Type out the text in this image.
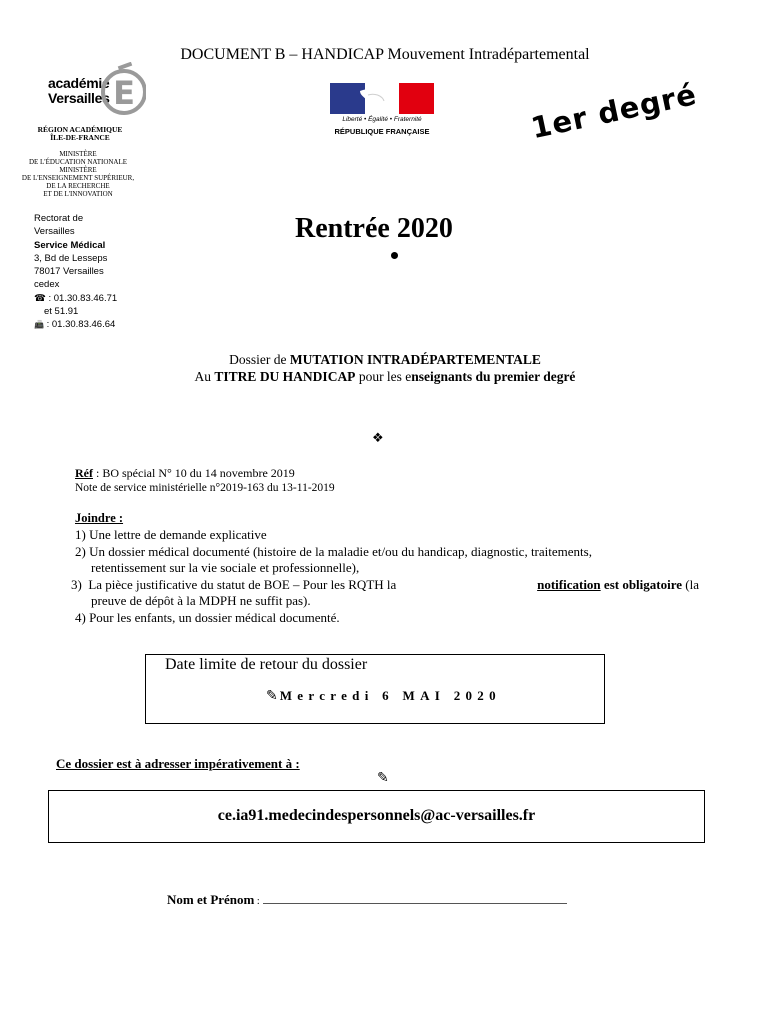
DOCUMENT B – HANDICAP Mouvement Intradépartemental
académie
Versailles E
RÉGION ACADÉMIQUE
ÎLE-DE-FRANCE
MINISTÈRE
DE L'ÉDUCATION NATIONALE
MINISTÈRE
DE L'ENSEIGNEMENT SUPÉRIEUR,
DE LA RECHERCHE
ET DE L'INNOVATION
Liberté • Égalité • Fraternité
RÉPUBLIQUE FRANÇAISE	1er degré
Rectorat de
Versailles
Service Médical
3, Bd de Lesseps
78017 Versailles
cedex
☎ : 01.30.83.46.71
et 51.91
📠 : 01.30.83.46.64
Rentrée 2020
Dossier de MUTATION INTRADÉPARTEMENTALE
Au TITRE DU HANDICAP pour les enseignants du premier degré
❖
Réf : BO spécial N° 10 du 14 novembre 2019
Note de service ministérielle n°2019-163 du 13-11-2019
Joindre :
1) Une lettre de demande explicative
2) Un dossier médical documenté (histoire de la maladie et/ou du handicap, diagnostic, traitements,
retentissement sur la vie sociale et professionnelle),
3)  La pièce justificative du statut de BOE – Pour les RQTH la	notification est obligatoire (la
preuve de dépôt à la MDPH ne suffit pas).
4) Pour les enfants, un dossier médical documenté.
Date limite de retour du dossier
✎ Mercredi 6 MAI 2020
Ce dossier est à adresser impérativement à :
✎
ce.ia91.medecindespersonnels@ac-versailles.fr
Nom et Prénom :
